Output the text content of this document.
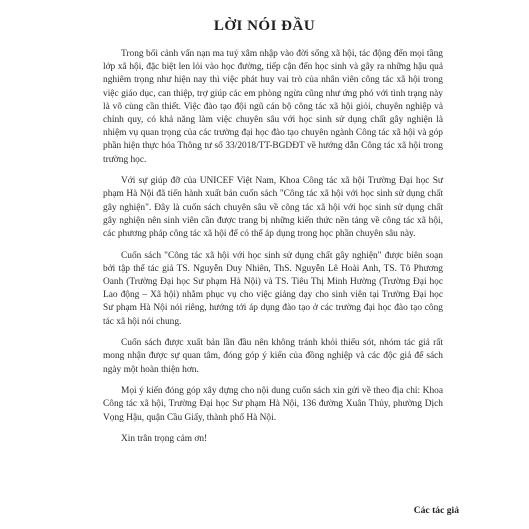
LỜI NÓI ĐẦU

Trong bối cảnh vấn nạn ma tuý xâm nhập vào đời sống xã hội, tác động đến mọi tầng lớp xã hội, đặc biệt len lỏi vào học đường, tiếp cận đến học sinh và gây ra những hậu quả nghiêm trọng như hiện nay thì việc phát huy vai trò của nhân viên công tác xã hội trong việc giáo dục, can thiệp, trợ giúp các em phòng ngừa cũng như ứng phó với tình trạng này là vô cùng cần thiết. Việc đào tạo đội ngũ cán bộ công tác xã hội giỏi, chuyên nghiệp và chỉnh quy, có khả năng làm việc chuyên sâu với học sinh sử dụng chất gây nghiện là nhiệm vụ quan trọng của các trường đại học đào tạo chuyên ngành Công tác xã hội và góp phần hiện thực hóa Thông tư số 33/2018/TT-BGDĐT về hướng dẫn Công tác xã hội trong trường học.

Với sự giúp đỡ của UNICEF Việt Nam, Khoa Công tác xã hội Trường Đại học Sư phạm Hà Nội đã tiến hành xuất bản cuốn sách "Công tác xã hội với học sinh sử dụng chất gây nghiện". Đây là cuốn sách chuyên sâu về công tác xã hội với học sinh sử dụng chất gây nghiện nên sinh viên cần được trang bị những kiến thức nền tảng về công tác xã hội, các phương pháp công tác xã hội để có thể áp dụng trong học phần chuyên sâu này.

Cuốn sách "Công tác xã hội với học sinh sử dụng chất gây nghiện" được biên soạn bởi tập thể tác giả TS. Nguyễn Duy Nhiên, ThS. Nguyễn Lê Hoài Anh, TS. Tô Phương Oanh (Trường Đại học Sư phạm Hà Nội) và TS. Tiêu Thị Minh Hường (Trường Đại học Lao động – Xã hội) nhằm phục vụ cho việc giảng dạy cho sinh viên tại Trường Đại học Sư phạm Hà Nội nói riêng, hướng tới áp dụng đào tạo ở các trường đại học đào tạo công tác xã hội nói chung.

Cuốn sách được xuất bản lần đầu nên không tránh khỏi thiếu sót, nhóm tác giả rất mong nhận được sự quan tâm, đóng góp ý kiến của đồng nghiệp và các độc giả để sách ngày một hoàn thiện hơn.

Mọi ý kiến đóng góp xây dựng cho nội dung cuốn sách xin gửi về theo địa chỉ: Khoa Công tác xã hội, Trường Đại học Sư phạm Hà Nội, 136 đường Xuân Thủy, phường Dịch Vọng Hậu, quận Cầu Giấy, thành phố Hà Nội.

Xin trân trọng cảm ơn!

Các tác giả
